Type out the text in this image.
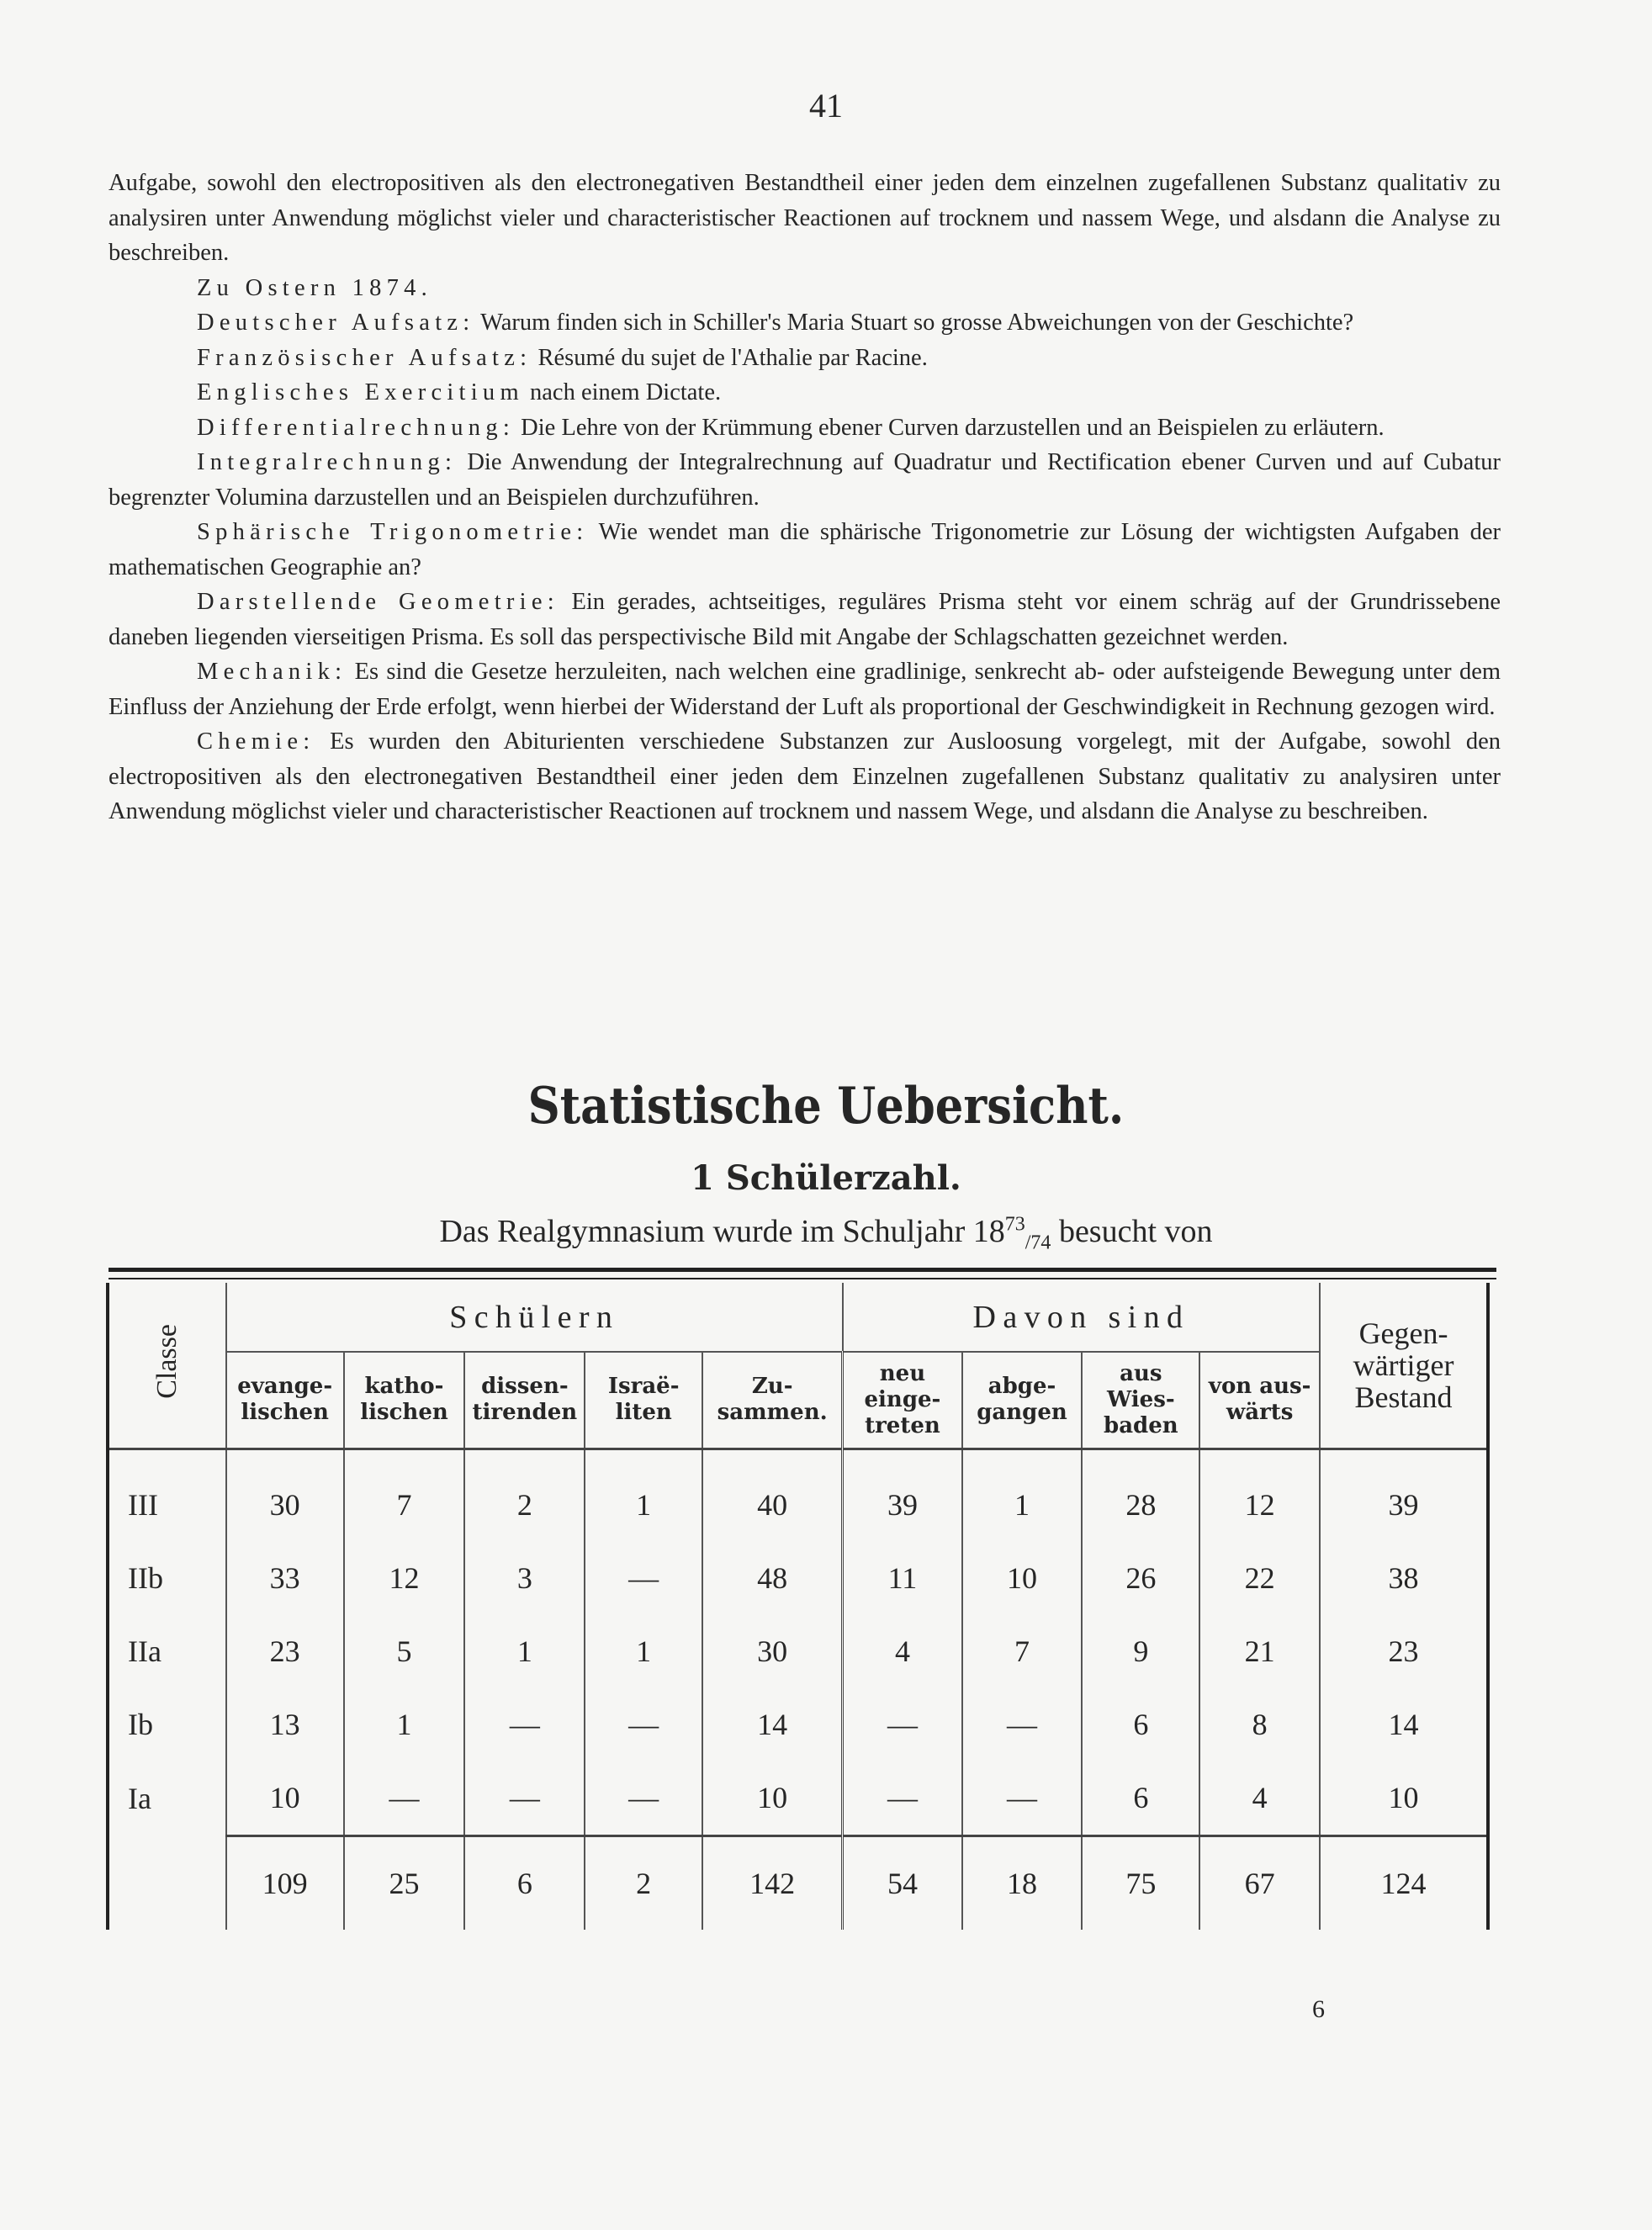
41

Aufgabe, sowohl den electropositiven als den electronegativen Bestandtheil einer jeden dem einzelnen zugefallenen Substanz qualitativ zu analysiren unter Anwendung möglichst vieler und characteristischer Reactionen auf trocknem und nassem Wege, und alsdann die Analyse zu beschreiben.

Zu Ostern 1874.

Deutscher Aufsatz: Warum finden sich in Schiller's Maria Stuart so grosse Abweichungen von der Geschichte?

Französischer Aufsatz: Résumé du sujet de l'Athalie par Racine.

Englisches Exercitium nach einem Dictate.

Differentialrechnung: Die Lehre von der Krümmung ebener Curven darzustellen und an Beispielen zu erläutern.

Integralrechnung: Die Anwendung der Integralrechnung auf Quadratur und Rectification ebener Curven und auf Cubatur begrenzter Volumina darzustellen und an Beispielen durchzuführen.

Sphärische Trigonometrie: Wie wendet man die sphärische Trigonometrie zur Lösung der wichtigsten Aufgaben der mathematischen Geographie an?

Darstellende Geometrie: Ein gerades, achtseitiges, reguläres Prisma steht vor einem schräg auf der Grundrissebene daneben liegenden vierseitigen Prisma. Es soll das perspectivische Bild mit Angabe der Schlagschatten gezeichnet werden.

Mechanik: Es sind die Gesetze herzuleiten, nach welchen eine gradlinige, senkrecht ab- oder aufsteigende Bewegung unter dem Einfluss der Anziehung der Erde erfolgt, wenn hierbei der Widerstand der Luft als proportional der Geschwindigkeit in Rechnung gezogen wird.

Chemie: Es wurden den Abiturienten verschiedene Substanzen zur Ausloosung vorgelegt, mit der Aufgabe, sowohl den electropositiven als den electronegativen Bestandtheil einer jeden dem Einzelnen zugefallenen Substanz qualitativ zu analysiren unter Anwendung möglichst vieler und characteristischer Reactionen auf trocknem und nassem Wege, und alsdann die Analyse zu beschreiben.

Statistische Uebersicht.
1 Schülerzahl.
Das Realgymnasium wurde im Schuljahr $18^{73}_{/74}$ besucht von
Classe	Schülern					Davon sind				Gegen-wärtiger Bestand
	evange-lischen	katho-lischen	dissen-tirenden	Israë-liten	Zu-sammen.	neu einge-treten	abge-gangen	aus Wies-baden	von aus-wärts	
III	30	7	2	1	40	39	1	28	12	39
IIb	33	12	3	—	48	11	10	26	22	38
IIa	23	5	1	1	30	4	7	9	21	23
Ib	13	1	—	—	14	—	—	6	8	14
Ia	10	—	—	—	10	—	—	6	4	10
	109	25	6	2	142	54	18	75	67	124
6
